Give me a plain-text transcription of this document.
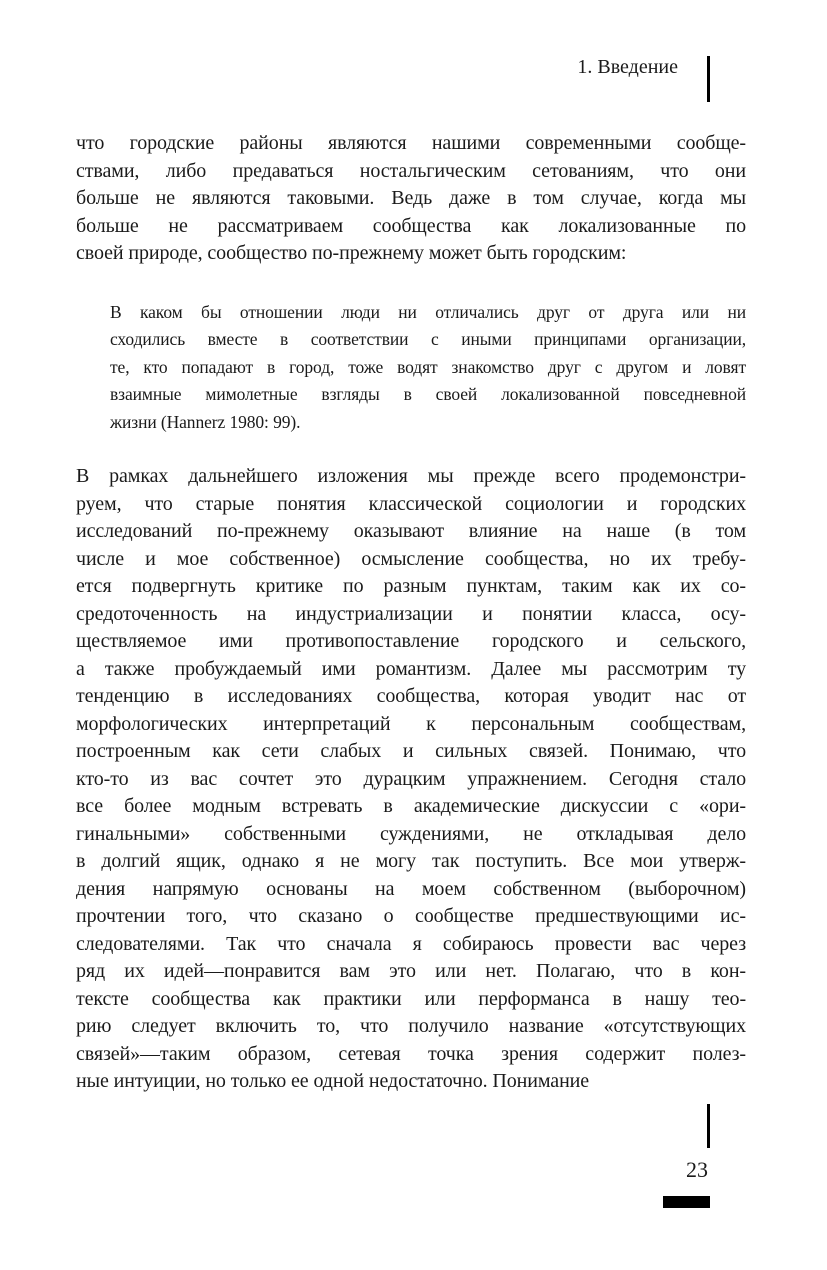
1. Введение
что городские районы являются нашими современными сообще-
ствами, либо предаваться ностальгическим сетованиям, что они
больше не являются таковыми. Ведь даже в том случае, когда мы
больше не рассматриваем сообщества как локализованные по
своей природе, сообщество по-прежнему может быть городским:
В каком бы отношении люди ни отличались друг от друга или ни
сходились вместе в соответствии с иными принципами организации,
те, кто попадают в город, тоже водят знакомство друг с другом и ловят
взаимные мимолетные взгляды в своей локализованной повседневной
жизни (Hannerz 1980: 99).
В рамках дальнейшего изложения мы прежде всего продемонстри-
руем, что старые понятия классической социологии и городских
исследований по-прежнему оказывают влияние на наше (в том
числе и мое собственное) осмысление сообщества, но их требу-
ется подвергнуть критике по разным пунктам, таким как их со-
средоточенность на индустриализации и понятии класса, осу-
ществляемое ими противопоставление городского и сельского,
а также пробуждаемый ими романтизм. Далее мы рассмотрим ту
тенденцию в исследованиях сообщества, которая уводит нас от
морфологических интерпретаций к персональным сообществам,
построенным как сети слабых и сильных связей. Понимаю, что
кто-то из вас сочтет это дурацким упражнением. Сегодня стало
все более модным встревать в академические дискуссии с «ори-
гинальными» собственными суждениями, не откладывая дело
в долгий ящик, однако я не могу так поступить. Все мои утверж-
дения напрямую основаны на моем собственном (выборочном)
прочтении того, что сказано о сообществе предшествующими ис-
следователями. Так что сначала я собираюсь провести вас через
ряд их идей—понравится вам это или нет. Полагаю, что в кон-
тексте сообщества как практики или перформанса в нашу тео-
рию следует включить то, что получило название «отсутствующих
связей»—таким образом, сетевая точка зрения содержит полез-
ные интуиции, но только ее одной недостаточно. Понимание
23
